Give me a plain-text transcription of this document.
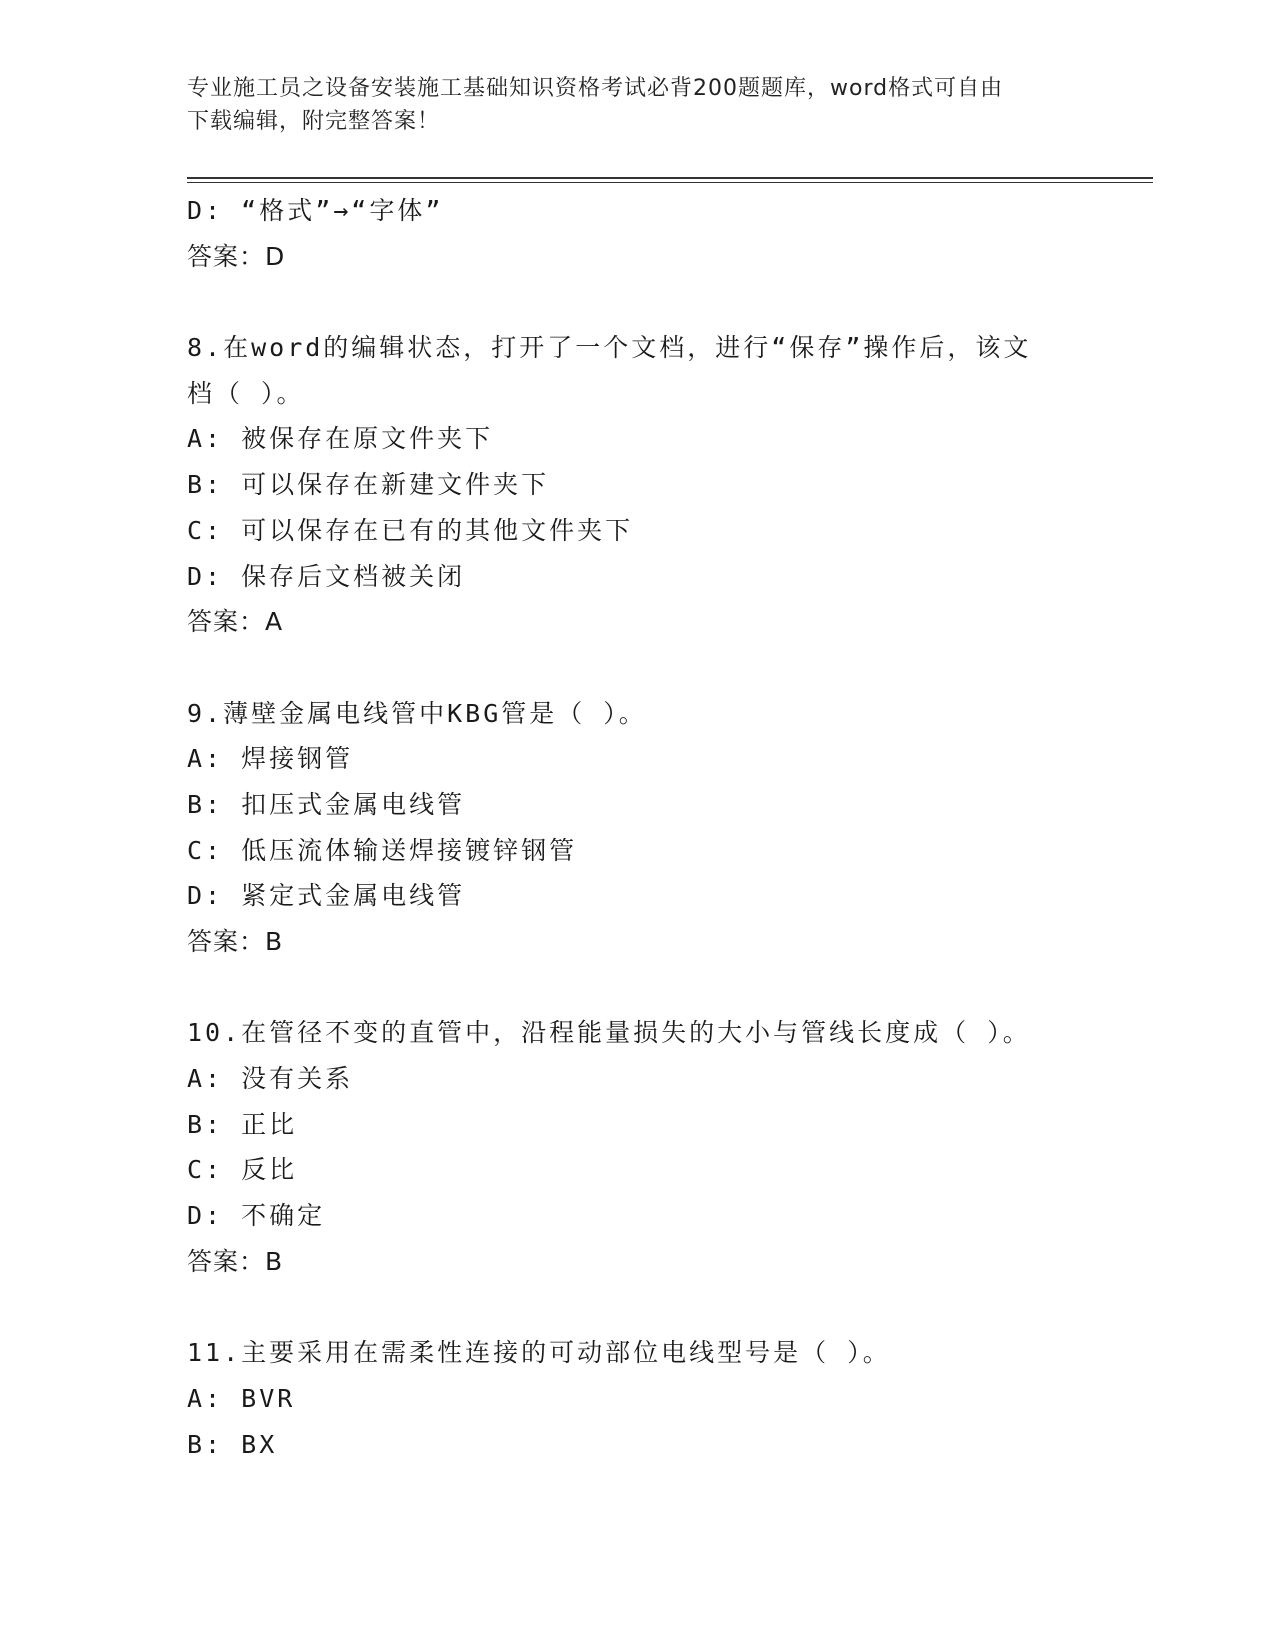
专业施工员之设备安装施工基础知识资格考试必背200题题库，word格式可自由
下载编辑，附完整答案！
D: “格式”→“字体”
答案：D
8.在word的编辑状态，打开了一个文档，进行“保存”操作后，该文
档（ ）。
A: 被保存在原文件夹下
B: 可以保存在新建文件夹下
C: 可以保存在已有的其他文件夹下
D: 保存后文档被关闭
答案：A
9.薄壁金属电线管中KBG管是（ ）。
A: 焊接钢管
B: 扣压式金属电线管
C: 低压流体输送焊接镀锌钢管
D: 紧定式金属电线管
答案：B
10.在管径不变的直管中，沿程能量损失的大小与管线长度成（ ）。
A: 没有关系
B: 正比
C: 反比
D: 不确定
答案：B
11.主要采用在需柔性连接的可动部位电线型号是（ ）。
A: BVR
B: BX
